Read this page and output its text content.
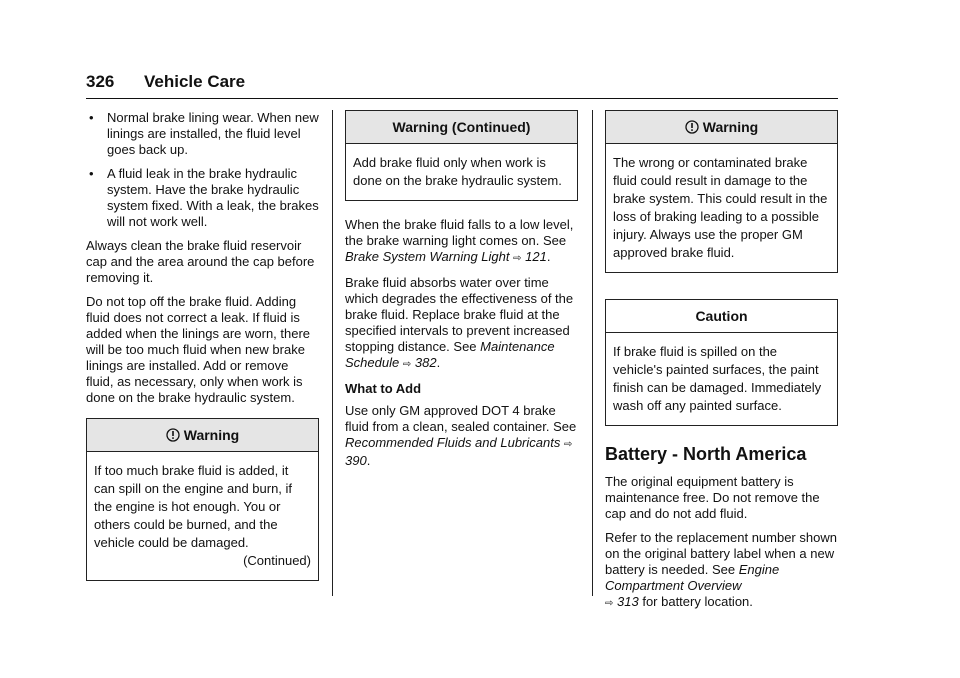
326 Vehicle Care
• Normal brake lining wear. When new linings are installed, the fluid level goes back up.
• A fluid leak in the brake hydraulic system. Have the brake hydraulic system fixed. With a leak, the brakes will not work well.

Always clean the brake fluid reservoir cap and the area around the cap before removing it.

Do not top off the brake fluid. Adding fluid does not correct a leak. If fluid is added when the linings are worn, there will be too much fluid when new brake linings are installed. Add or remove fluid, as necessary, only when work is done on the brake hydraulic system.

Warning

If too much brake fluid is added, it can spill on the engine and burn, if the engine is hot enough. You or others could be burned, and the vehicle could be damaged.

(Continued)

Warning (Continued)

Add brake fluid only when work is done on the brake hydraulic system.

When the brake fluid falls to a low level, the brake warning light comes on. See Brake System Warning Light ⇨ 121.

Brake fluid absorbs water over time which degrades the effectiveness of the brake fluid. Replace brake fluid at the specified intervals to prevent increased stopping distance. See Maintenance Schedule ⇨ 382.

What to Add

Use only GM approved DOT 4 brake fluid from a clean, sealed container. See Recommended Fluids and Lubricants ⇨ 390.

Warning

The wrong or contaminated brake fluid could result in damage to the brake system. This could result in the loss of braking leading to a possible injury. Always use the proper GM approved brake fluid.

Caution

If brake fluid is spilled on the vehicle's painted surfaces, the paint finish can be damaged. Immediately wash off any painted surface.

Battery - North America

The original equipment battery is maintenance free. Do not remove the cap and do not add fluid.

Refer to the replacement number shown on the original battery label when a new battery is needed. See Engine Compartment Overview
⇨ 313 for battery location.
